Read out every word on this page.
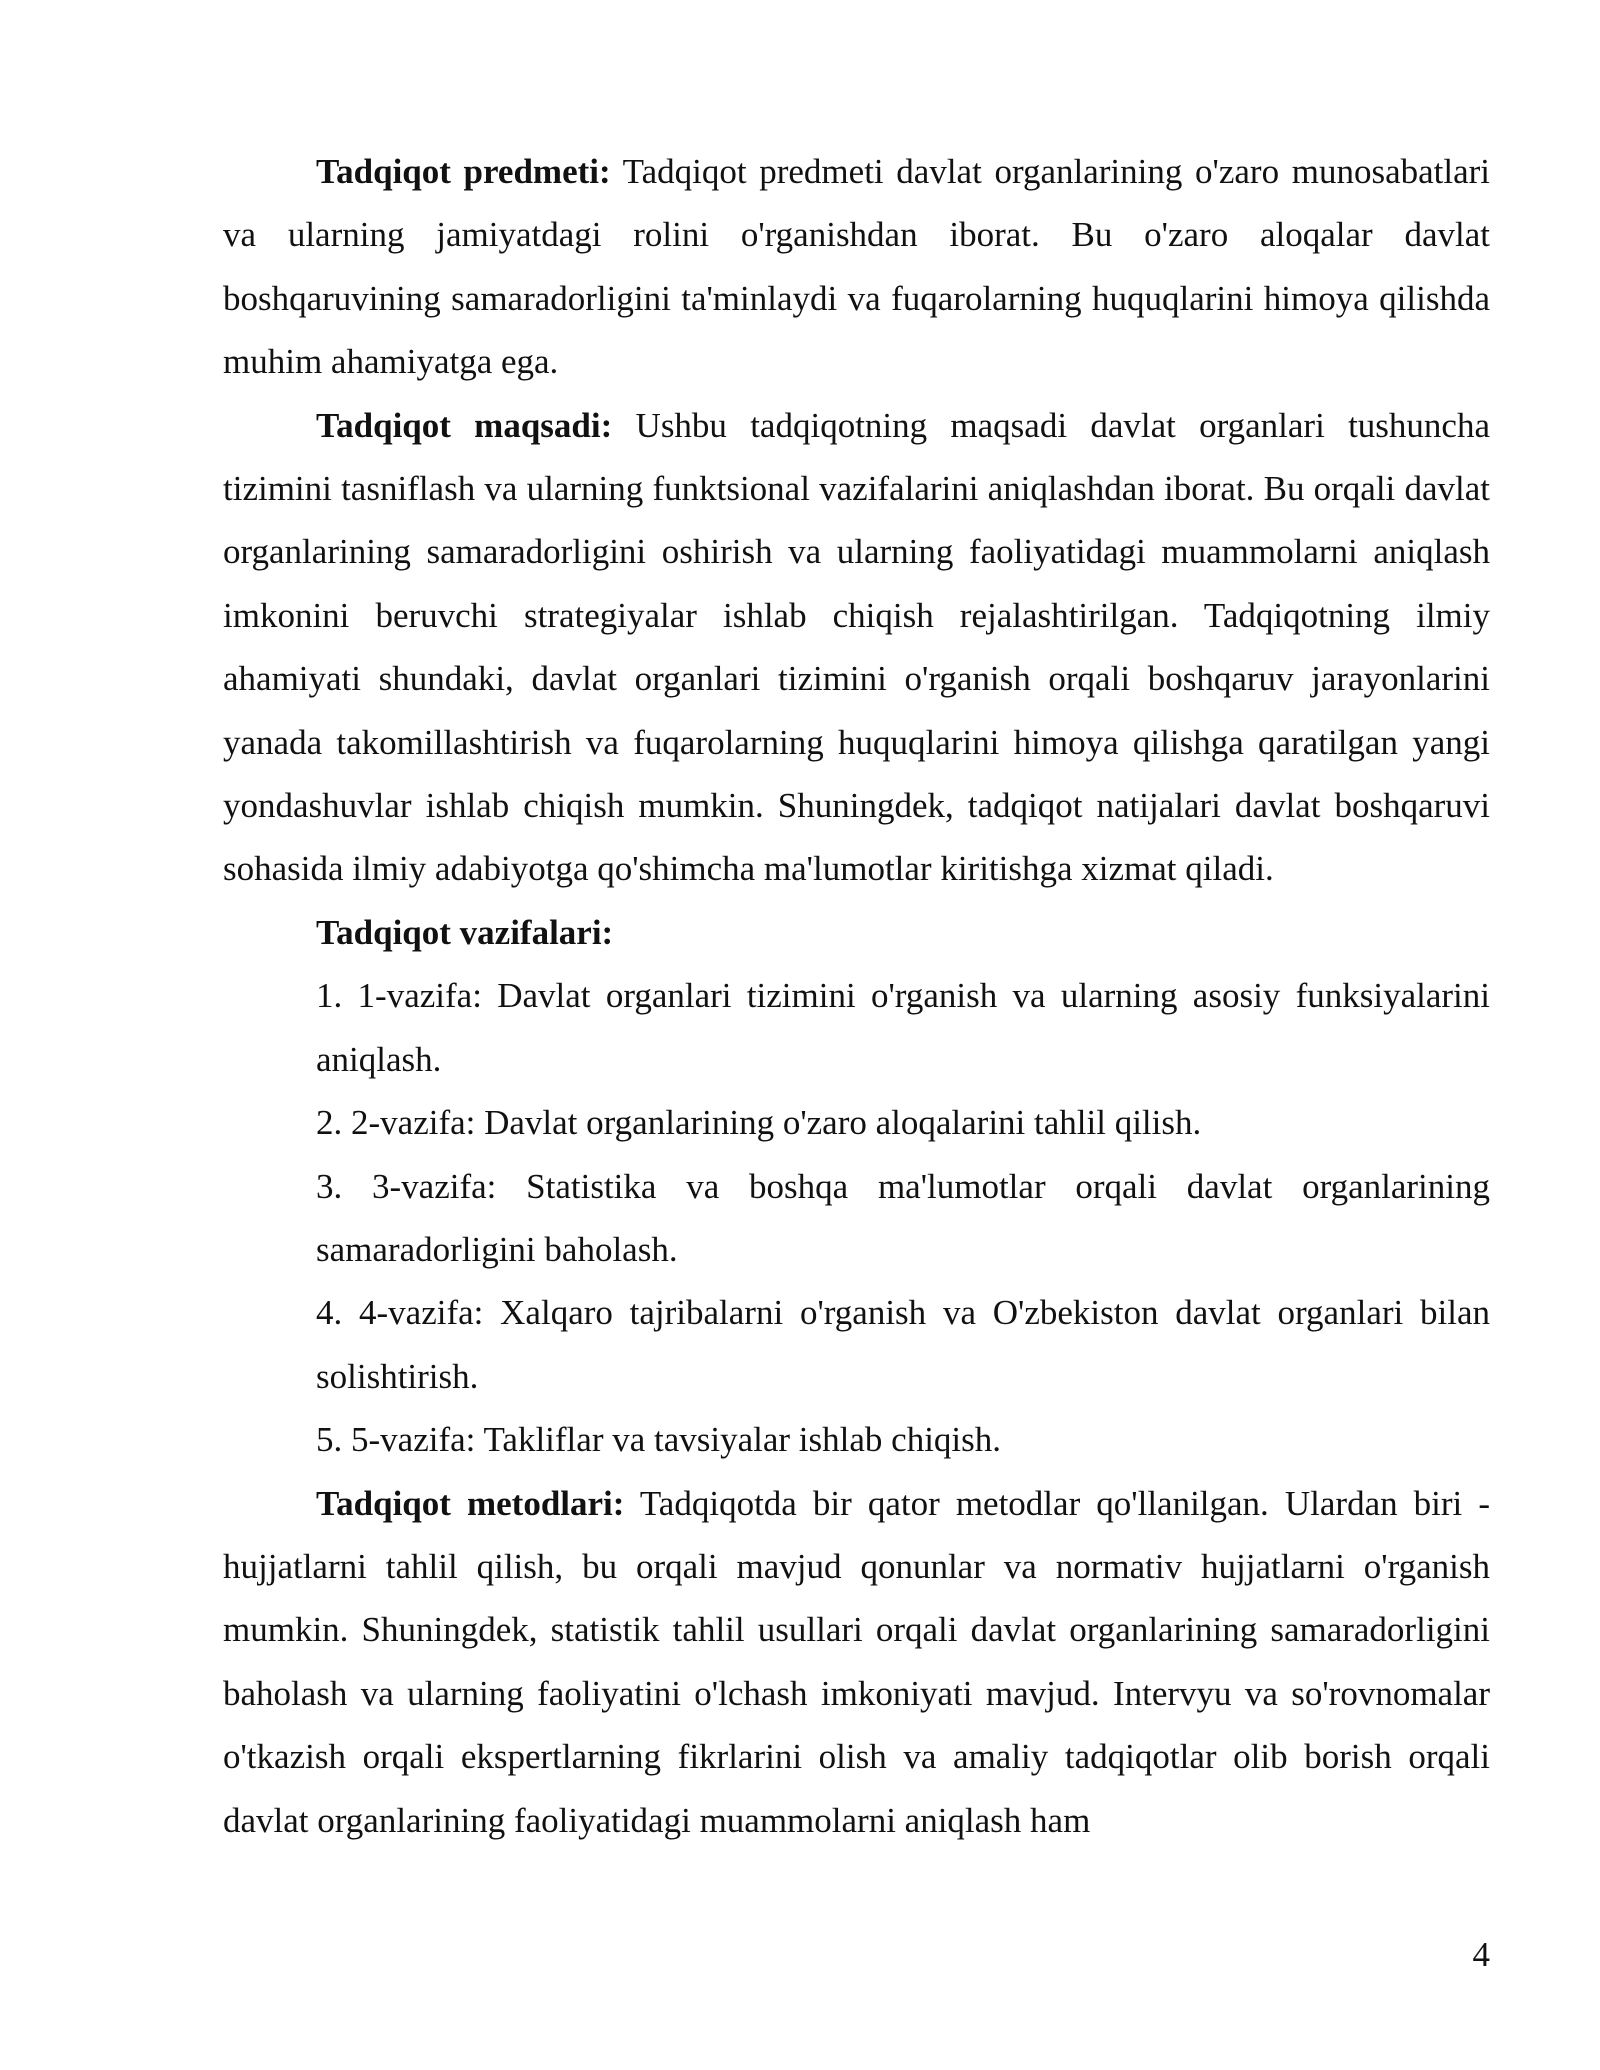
Tadqiqot predmeti: Tadqiqot predmeti davlat organlarining o'zaro munosabatlari va ularning jamiyatdagi rolini o'rganishdan iborat. Bu o'zaro aloqalar davlat boshqaruvining samaradorligini ta'minlaydi va fuqarolarning huquqlarini himoya qilishda muhim ahamiyatga ega.

Tadqiqot maqsadi: Ushbu tadqiqotning maqsadi davlat organlari tushuncha tizimini tasniflash va ularning funktsional vazifalarini aniqlashdan iborat. Bu orqali davlat organlarining samaradorligini oshirish va ularning faoliyatidagi muammolarni aniqlash imkonini beruvchi strategiyalar ishlab chiqish rejalashtirilgan. Tadqiqotning ilmiy ahamiyati shundaki, davlat organlari tizimini o'rganish orqali boshqaruv jarayonlarini yanada takomillashtirish va fuqarolarning huquqlarini himoya qilishga qaratilgan yangi yondashuvlar ishlab chiqish mumkin. Shuningdek, tadqiqot natijalari davlat boshqaruvi sohasida ilmiy adabiyotga qo'shimcha ma'lumotlar kiritishga xizmat qiladi.

Tadqiqot vazifalari:

1. 1-vazifa: Davlat organlari tizimini o'rganish va ularning asosiy funksiyalarini aniqlash.

2. 2-vazifa: Davlat organlarining o'zaro aloqalarini tahlil qilish.

3. 3-vazifa: Statistika va boshqa ma'lumotlar orqali davlat organlarining samaradorligini baholash.

4. 4-vazifa: Xalqaro tajribalarni o'rganish va O'zbekiston davlat organlari bilan solishtirish.

5. 5-vazifa: Takliflar va tavsiyalar ishlab chiqish.

Tadqiqot metodlari: Tadqiqotda bir qator metodlar qo'llanilgan. Ulardan biri - hujjatlarni tahlil qilish, bu orqali mavjud qonunlar va normativ hujjatlarni o'rganish mumkin. Shuningdek, statistik tahlil usullari orqali davlat organlarining samaradorligini baholash va ularning faoliyatini o'lchash imkoniyati mavjud. Intervyu va so'rovnomalar o'tkazish orqali ekspertlarning fikrlarini olish va amaliy tadqiqotlar olib borish orqali davlat organlarining faoliyatidagi muammolarni aniqlash ham

4
